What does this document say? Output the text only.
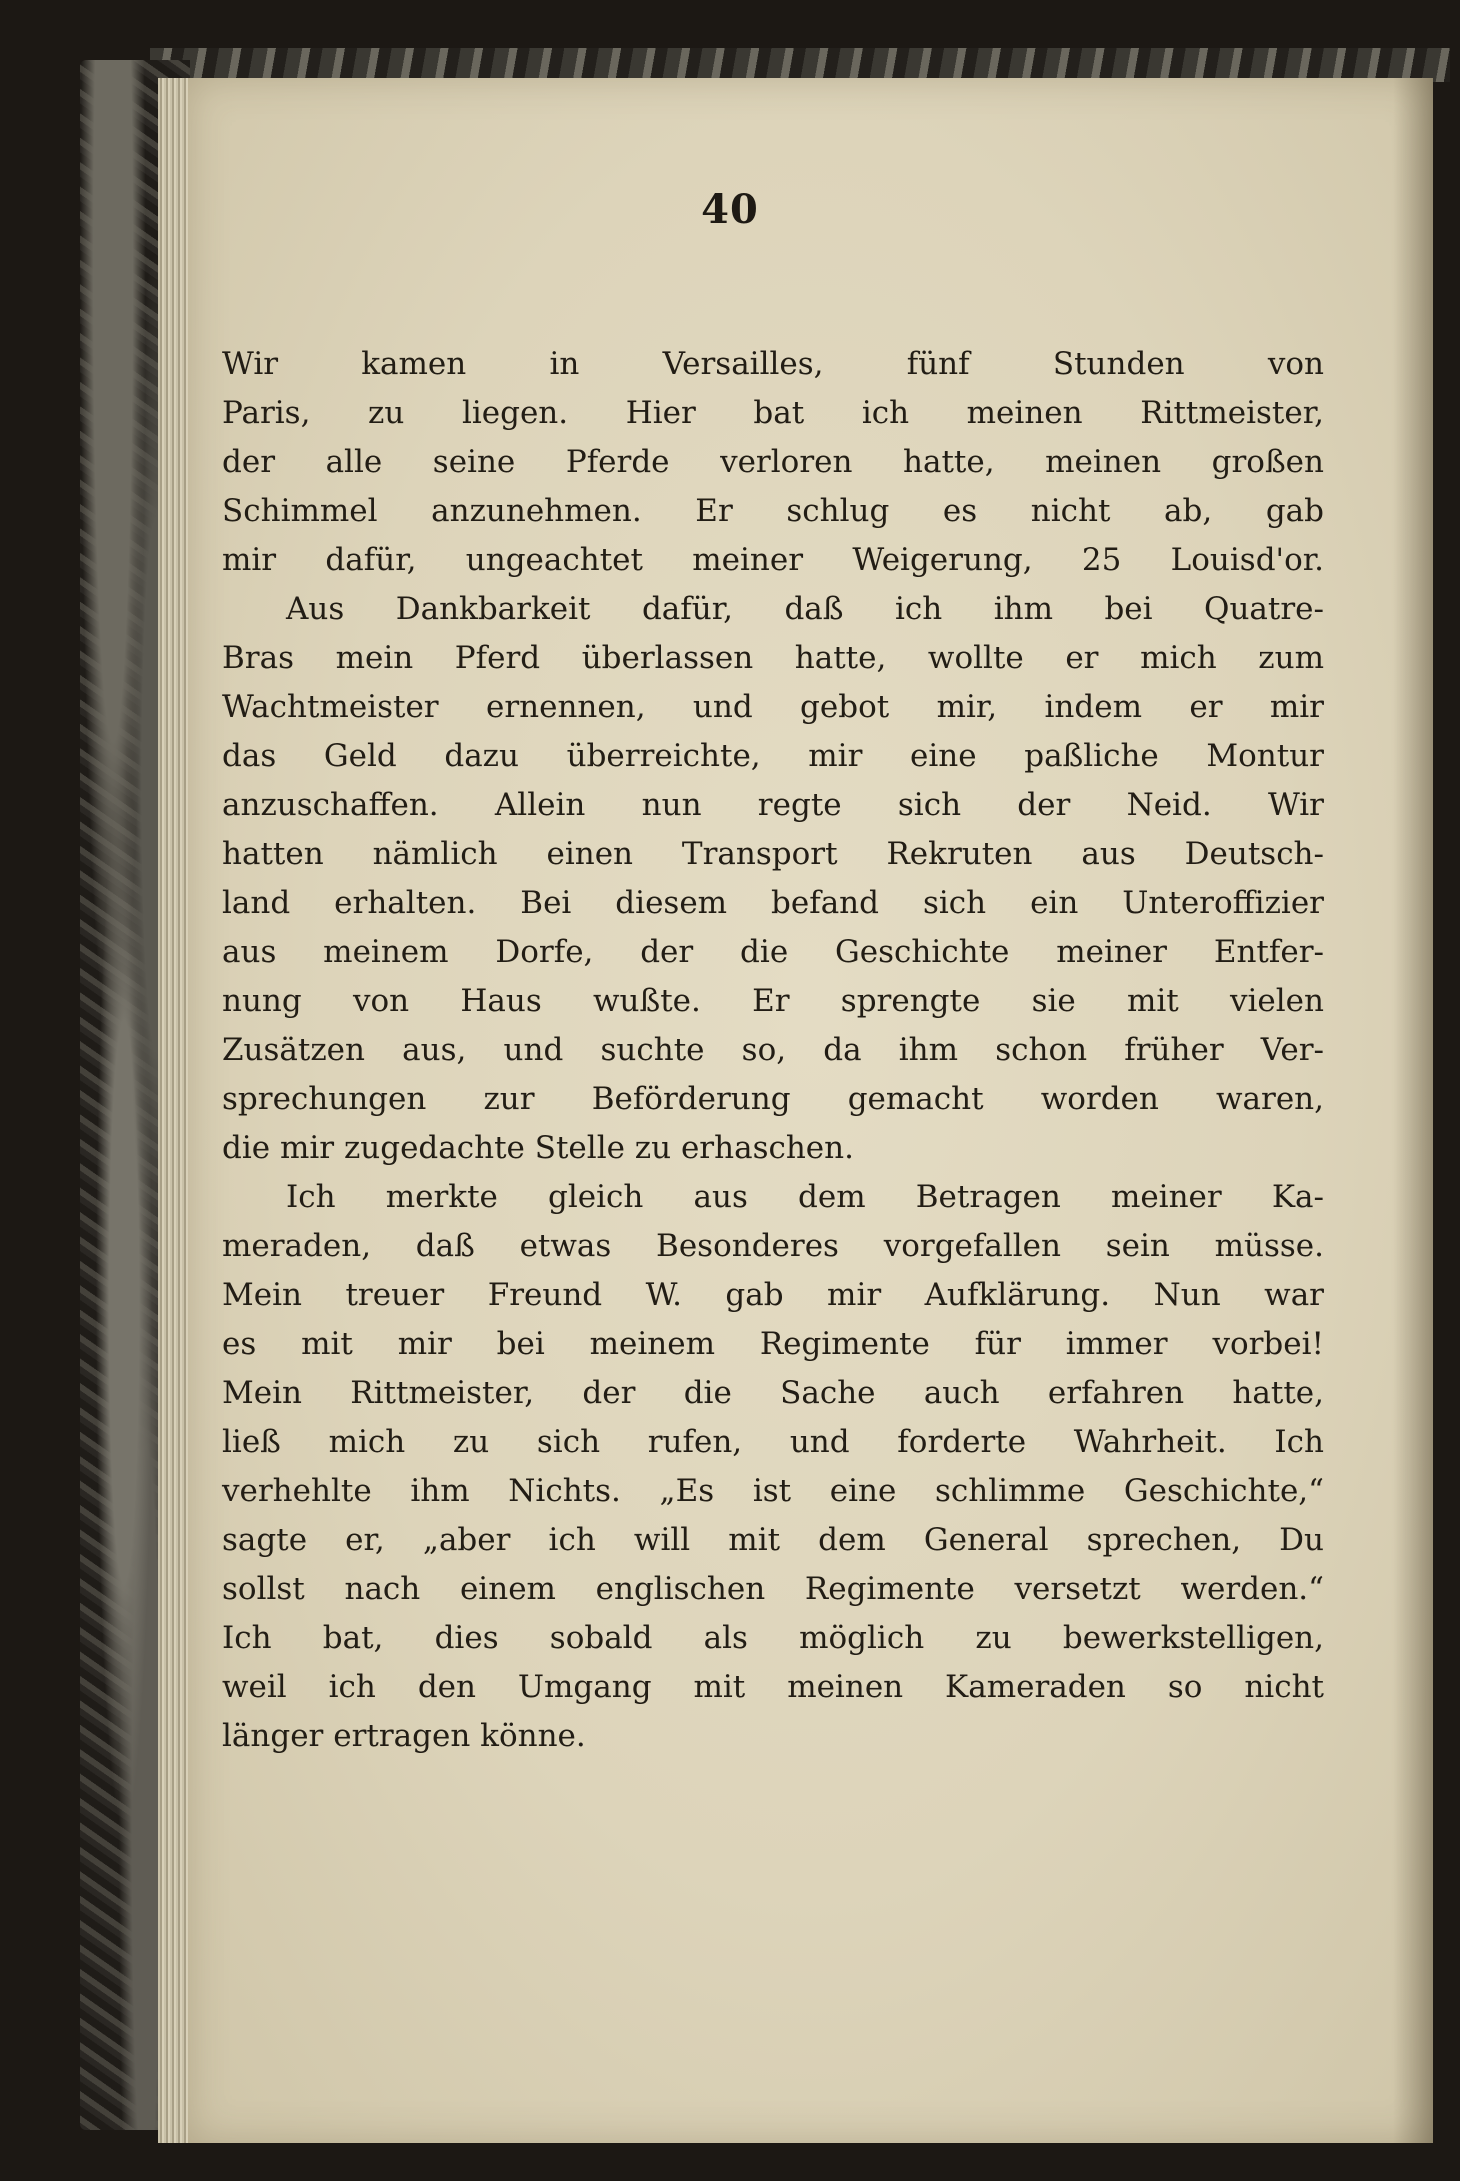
40
Wir kamen in Versailles, fünf Stunden von
Paris, zu liegen. Hier bat ich meinen Rittmeister,
der alle seine Pferde verloren hatte, meinen großen
Schimmel anzunehmen. Er schlug es nicht ab, gab
mir dafür, ungeachtet meiner Weigerung, 25 Louisd'or.
Aus Dankbarkeit dafür, daß ich ihm bei Quatre-
Bras mein Pferd überlassen hatte, wollte er mich zum
Wachtmeister ernennen, und gebot mir, indem er mir
das Geld dazu überreichte, mir eine paßliche Montur
anzuschaffen. Allein nun regte sich der Neid. Wir
hatten nämlich einen Transport Rekruten aus Deutsch-
land erhalten. Bei diesem befand sich ein Unteroffizier
aus meinem Dorfe, der die Geschichte meiner Entfer-
nung von Haus wußte. Er sprengte sie mit vielen
Zusätzen aus, und suchte so, da ihm schon früher Ver-
sprechungen zur Beförderung gemacht worden waren,
die mir zugedachte Stelle zu erhaschen.
Ich merkte gleich aus dem Betragen meiner Ka-
meraden, daß etwas Besonderes vorgefallen sein müsse.
Mein treuer Freund W. gab mir Aufklärung. Nun war
es mit mir bei meinem Regimente für immer vorbei!
Mein Rittmeister, der die Sache auch erfahren hatte,
ließ mich zu sich rufen, und forderte Wahrheit. Ich
verhehlte ihm Nichts. „Es ist eine schlimme Geschichte,“
sagte er, „aber ich will mit dem General sprechen, Du
sollst nach einem englischen Regimente versetzt werden.“
Ich bat, dies sobald als möglich zu bewerkstelligen,
weil ich den Umgang mit meinen Kameraden so nicht
länger ertragen könne.
